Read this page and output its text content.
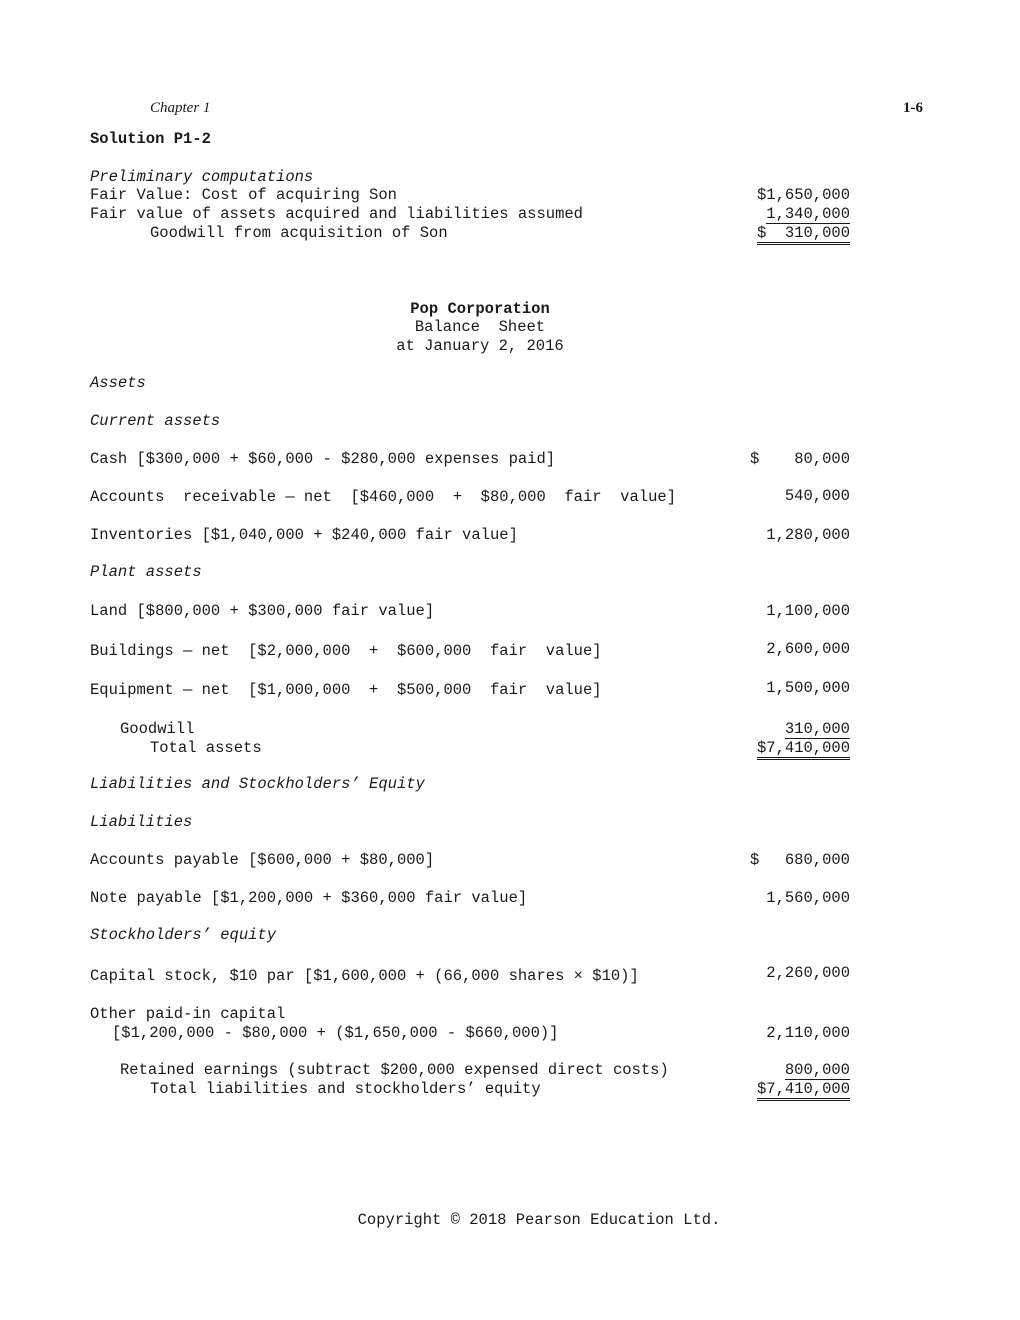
Chapter 1	1-6
Solution P1-2
Preliminary computations
Fair Value: Cost of acquiring Son	$1,650,000
Fair value of assets acquired and liabilities assumed	1,340,000
Goodwill from acquisition of Son	$  310,000
Pop Corporation
Balance  Sheet
at January 2, 2016
Assets
Current assets
Cash [$300,000 + $60,000 - $280,000 expenses paid]	$	80,000
Accounts  receivable — net  [$460,000  +  $80,000  fair  value]	540,000
Inventories [$1,040,000 + $240,000 fair value]	1,280,000
Plant assets
Land [$800,000 + $300,000 fair value]	1,100,000
Buildings — net  [$2,000,000  +  $600,000  fair  value]	2,600,000
Equipment — net  [$1,000,000  +  $500,000  fair  value]	1,500,000
Goodwill	310,000
Total assets	$7,410,000
Liabilities and Stockholders’ Equity
Liabilities
Accounts payable [$600,000 + $80,000]	$	680,000
Note payable [$1,200,000 + $360,000 fair value]	1,560,000
Stockholders’ equity
Capital stock, $10 par [$1,600,000 + (66,000 shares × $10)]	2,260,000
Other paid-in capital
[$1,200,000 - $80,000 + ($1,650,000 - $660,000)]	2,110,000
Retained earnings (subtract $200,000 expensed direct costs)	800,000
Total liabilities and stockholders’ equity	$7,410,000
Copyright © 2018 Pearson Education Ltd.
